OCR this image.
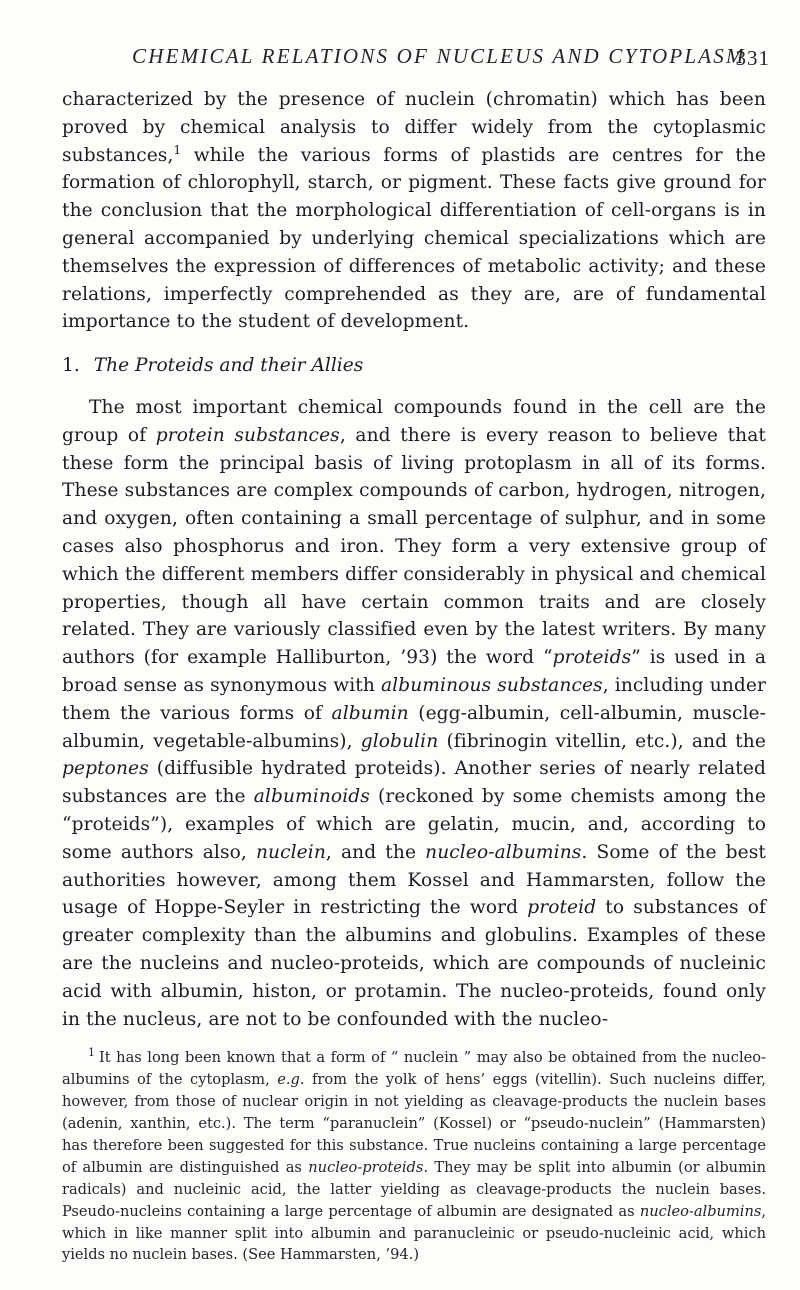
CHEMICAL RELATIONS OF NUCLEUS AND CYTOPLASM
331

characterized by the presence of nuclein (chromatin) which has been proved by chemical analysis to differ widely from the cytoplasmic substances,$^1$ while the various forms of plastids are centres for the formation of chlorophyll, starch, or pigment. These facts give ground for the conclusion that the morphological differentiation of cell-organs is in general accompanied by underlying chemical specializations which are themselves the expression of differences of metabolic activity; and these relations, imperfectly comprehended as they are, are of fundamental importance to the student of development.

1. The Proteids and their Allies

The most important chemical compounds found in the cell are the group of protein substances, and there is every reason to believe that these form the principal basis of living protoplasm in all of its forms. These substances are complex compounds of carbon, hydrogen, nitrogen, and oxygen, often containing a small percentage of sulphur, and in some cases also phosphorus and iron. They form a very extensive group of which the different members differ considerably in physical and chemical properties, though all have certain common traits and are closely related. They are variously classified even by the latest writers. By many authors (for example Halliburton, ’93) the word “proteids” is used in a broad sense as synonymous with albuminous substances, including under them the various forms of albumin (egg-albumin, cell-albumin, muscle-albumin, vegetable-albumins), globulin (fibrinogin vitellin, etc.), and the peptones (diffusible hydrated proteids). Another series of nearly related substances are the albuminoids (reckoned by some chemists among the “proteids”), examples of which are gelatin, mucin, and, according to some authors also, nuclein, and the nucleo-albumins. Some of the best authorities however, among them Kossel and Hammarsten, follow the usage of Hoppe-Seyler in restricting the word proteid to substances of greater complexity than the albumins and globulins. Examples of these are the nucleins and nucleo-proteids, which are compounds of nucleinic acid with albumin, histon, or protamin. The nucleo-proteids, found only in the nucleus, are not to be confounded with the nucleo-

$^1$ It has long been known that a form of “ nuclein ” may also be obtained from the nucleo-albumins of the cytoplasm, e.g. from the yolk of hens’ eggs (vitellin). Such nucleins differ, however, from those of nuclear origin in not yielding as cleavage-products the nuclein bases (adenin, xanthin, etc.). The term “paranuclein” (Kossel) or “pseudo-nuclein” (Hammarsten) has therefore been suggested for this substance. True nucleins containing a large percentage of albumin are distinguished as nucleo-proteids. They may be split into albumin (or albumin radicals) and nucleinic acid, the latter yielding as cleavage-products the nuclein bases. Pseudo-nucleins containing a large percentage of albumin are designated as nucleo-albumins, which in like manner split into albumin and paranucleinic or pseudo-nucleinic acid, which yields no nuclein bases. (See Hammarsten, ’94.)
